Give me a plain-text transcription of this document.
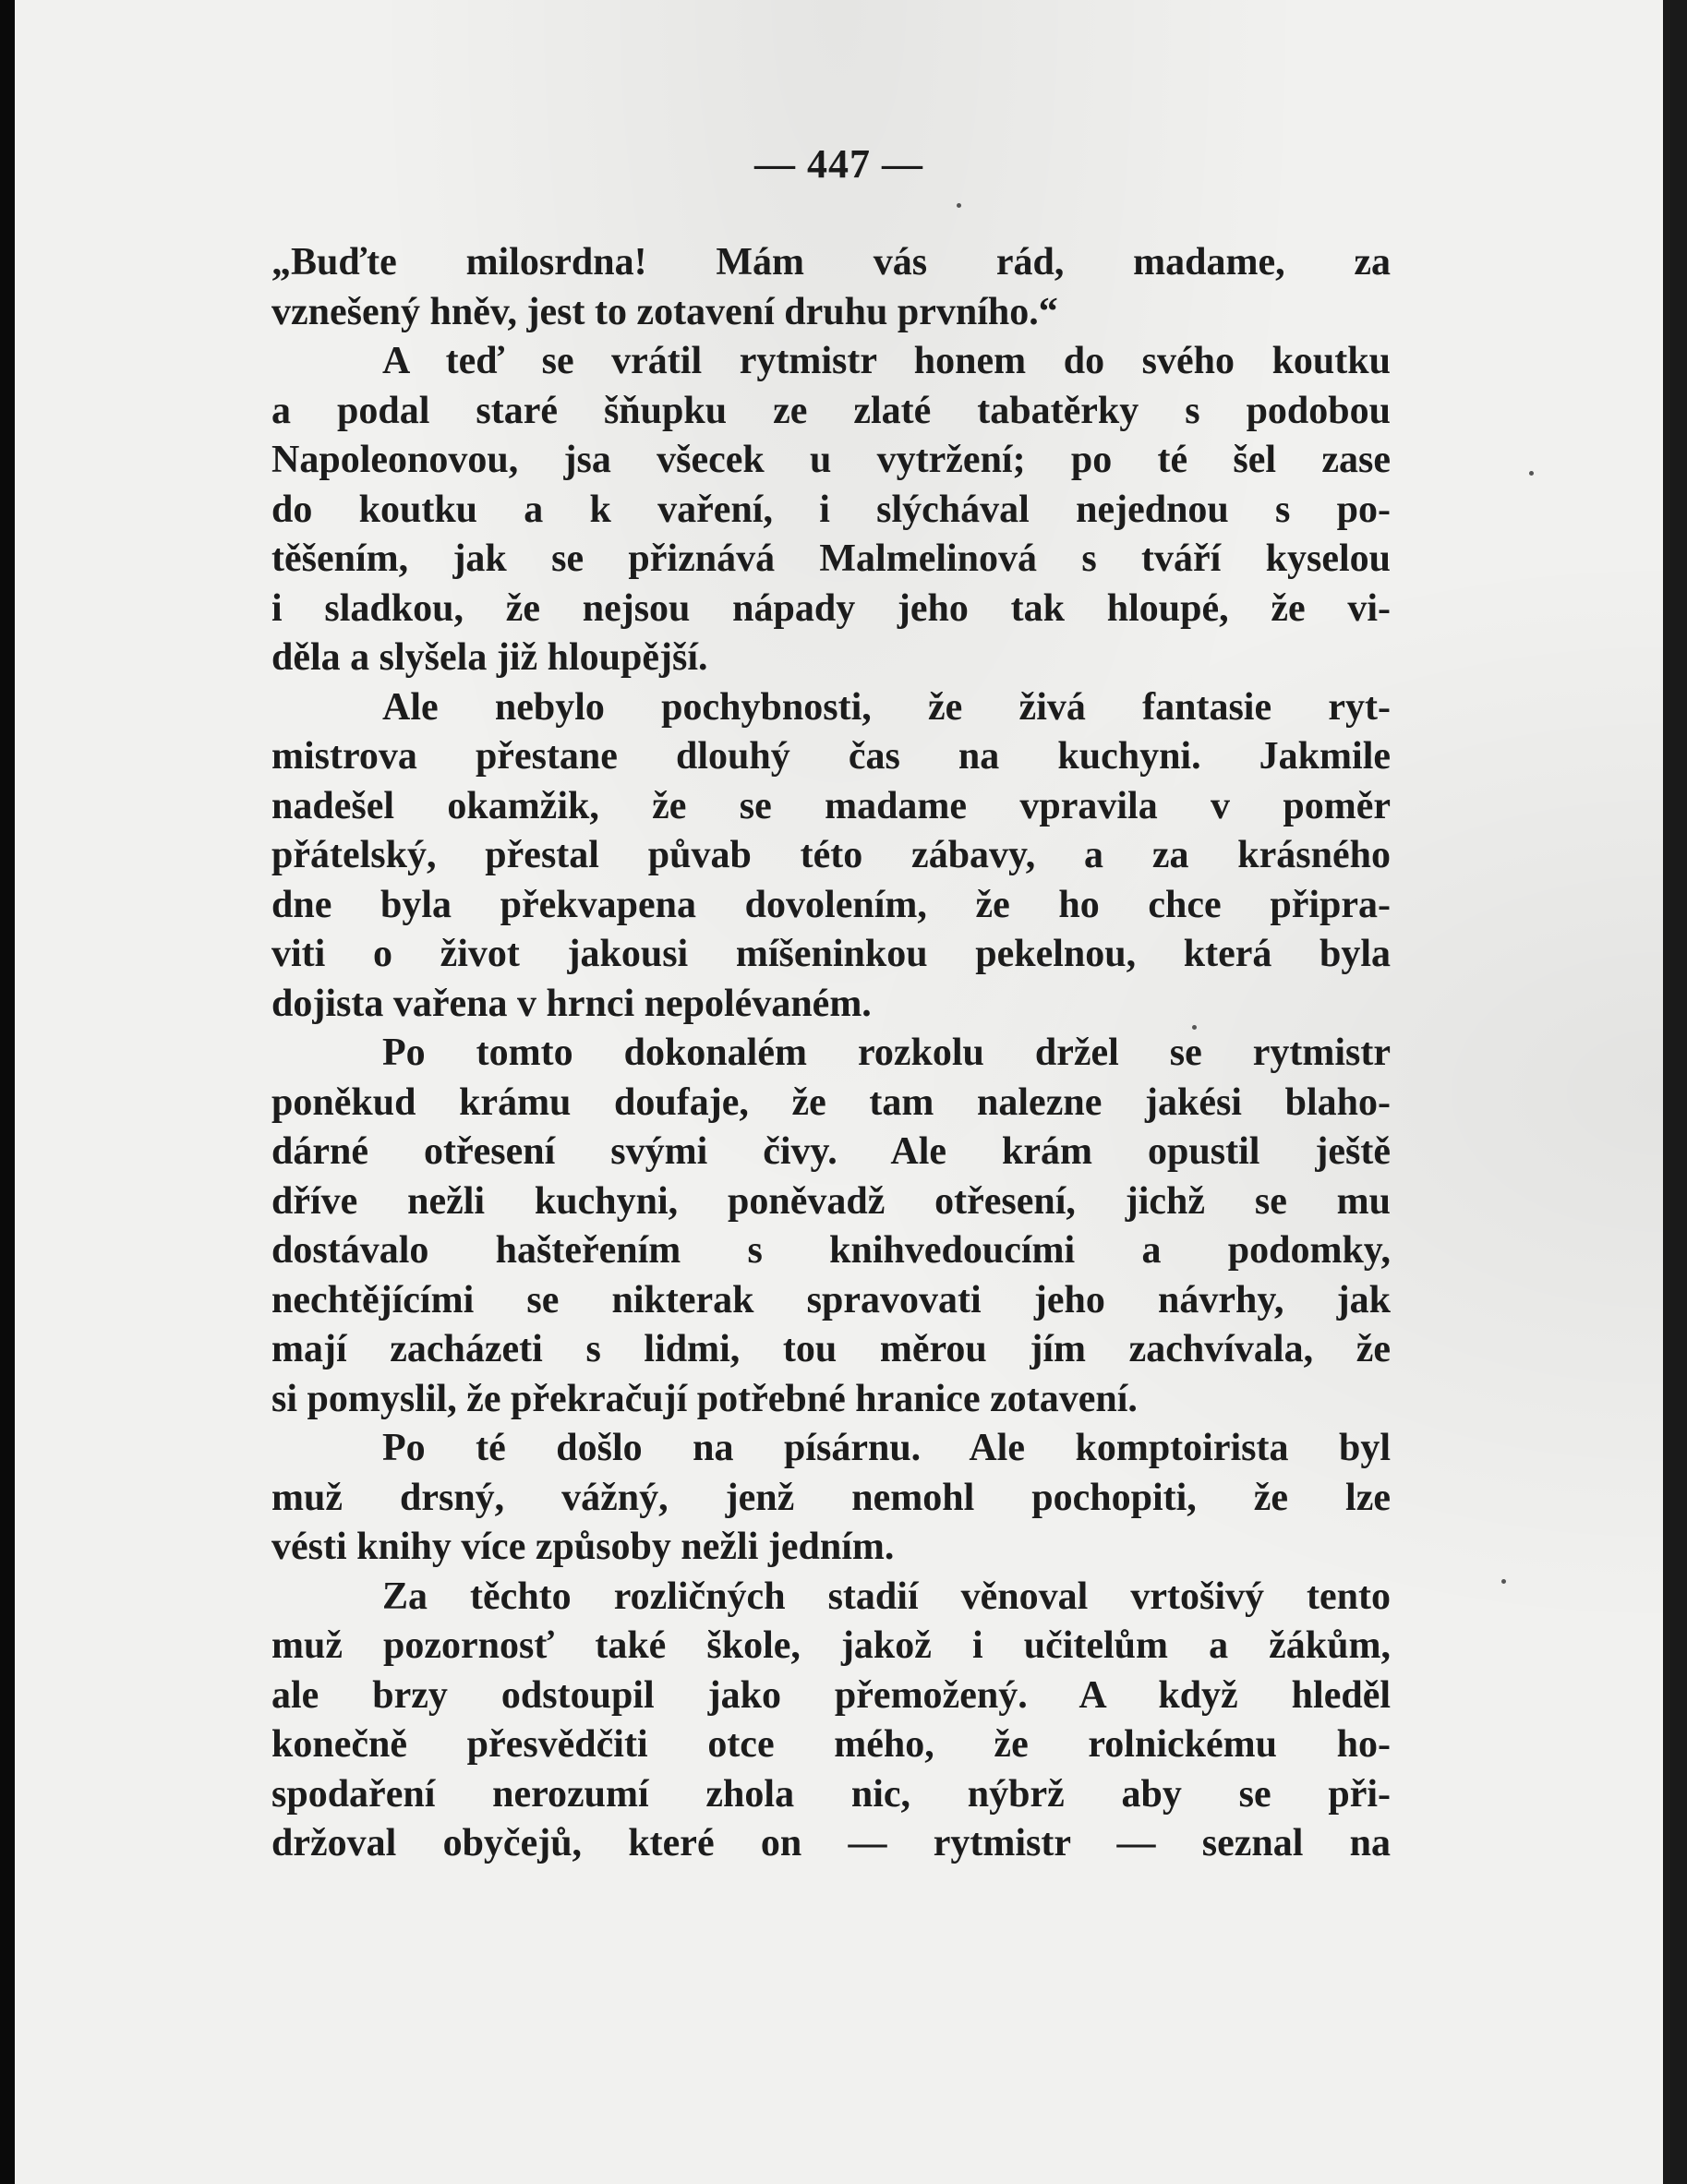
— 447 —
„Buďte milosrdna! Mám vás rád, madame, za
vznešený hněv, jest to zotavení druhu prvního.“
A teď se vrátil rytmistr honem do svého koutku
a podal staré šňupku ze zlaté tabatěrky s podobou
Napoleonovou, jsa všecek u vytržení; po té šel zase
do koutku a k vaření, i slýchával nejednou s po-
těšením, jak se přiznává Malmelinová s tváří kyselou
i sladkou, že nejsou nápady jeho tak hloupé, že vi-
děla a slyšela již hloupější.
Ale nebylo pochybnosti, že živá fantasie ryt-
mistrova přestane dlouhý čas na kuchyni. Jakmile
nadešel okamžik, že se madame vpravila v poměr
přátelský, přestal půvab této zábavy, a za krásného
dne byla překvapena dovolením, že ho chce připra-
viti o život jakousi míšeninkou pekelnou, která byla
dojista vařena v hrnci nepolévaném.
Po tomto dokonalém rozkolu držel se rytmistr
poněkud krámu doufaje, že tam nalezne jakési blaho-
dárné otřesení svými čivy. Ale krám opustil ještě
dříve nežli kuchyni, poněvadž otřesení, jichž se mu
dostávalo hašteřením s knihvedoucími a podomky,
nechtějícími se nikterak spravovati jeho návrhy, jak
mají zacházeti s lidmi, tou měrou jím zachvívala, že
si pomyslil, že překračují potřebné hranice zotavení.
Po té došlo na písárnu. Ale komptoirista byl
muž drsný, vážný, jenž nemohl pochopiti, že lze
vésti knihy více způsoby nežli jedním.
Za těchto rozličných stadií věnoval vrtošivý tento
muž pozornosť také škole, jakož i učitelům a žákům,
ale brzy odstoupil jako přemožený. A když hleděl
konečně přesvědčiti otce mého, že rolnickému ho-
spodaření nerozumí zhola nic, nýbrž aby se při-
držoval obyčejů, které on — rytmistr — seznal na
